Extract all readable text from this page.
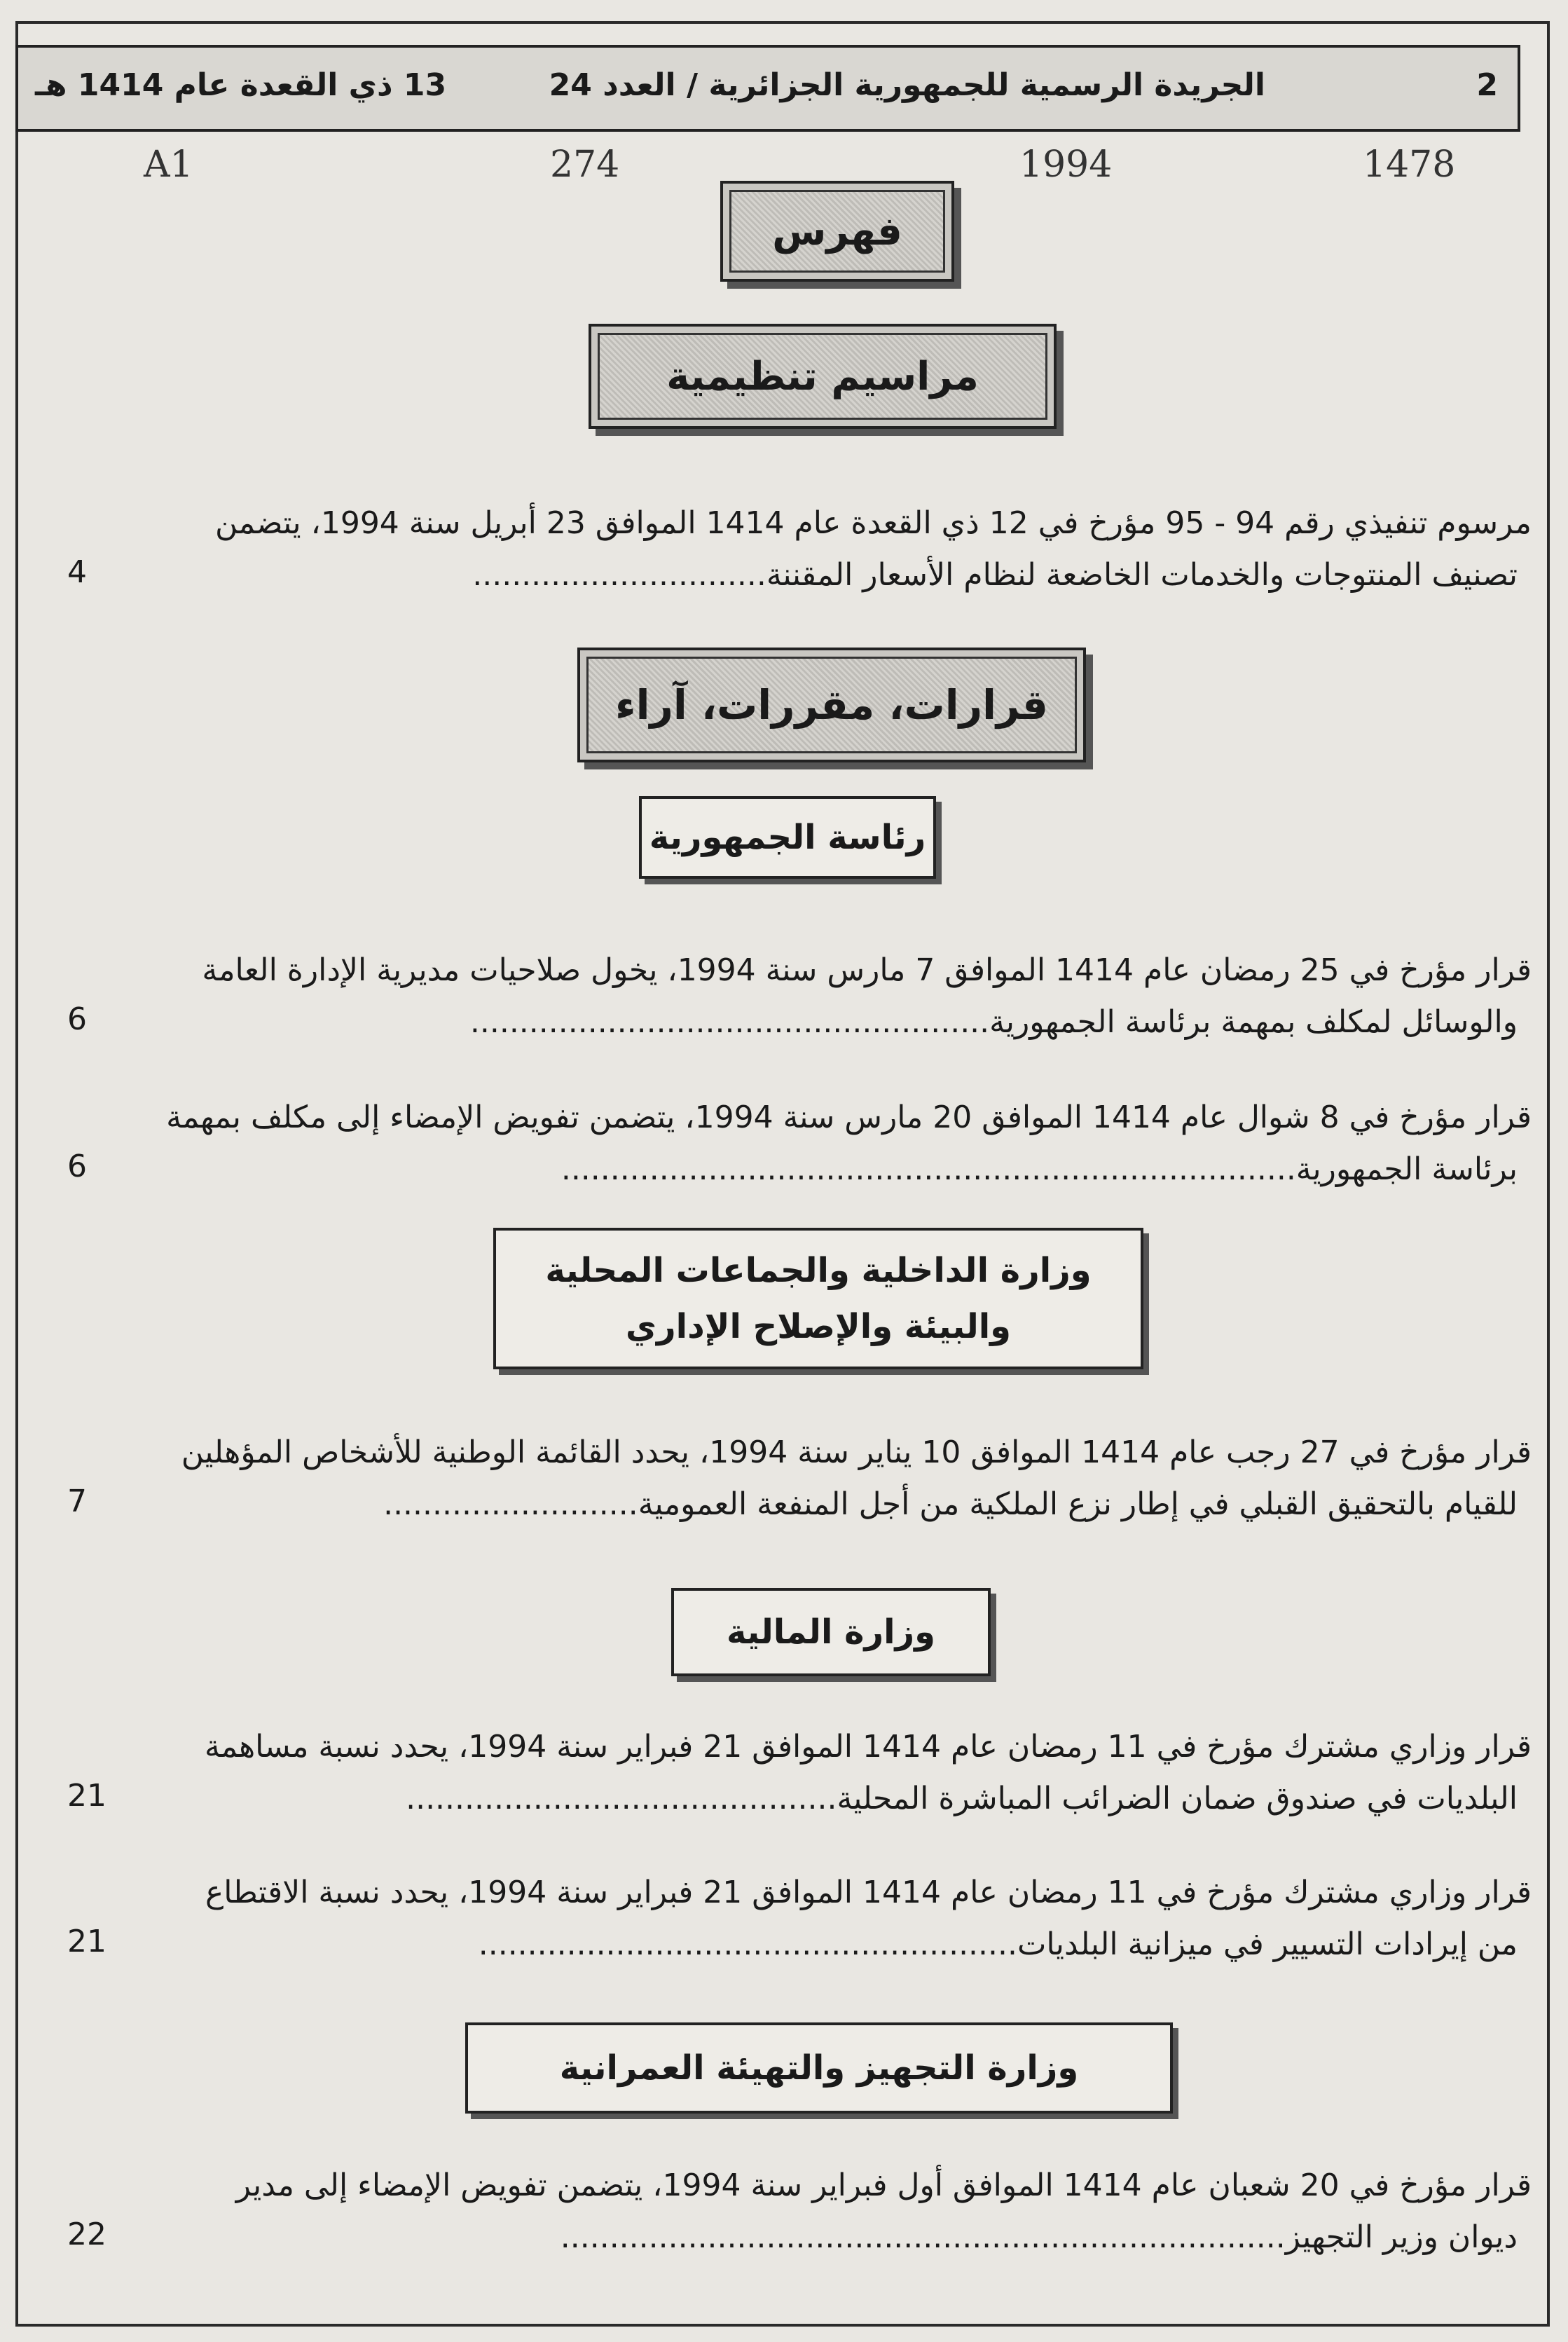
2
الجريدة الرسمية للجمهورية الجزائرية / العدد 24
13 ذي القعدة عام 1414 هـ
A1	274	1994	1478
فهرس
مراسيم تنظيمية
مرسوم تنفيذي رقم 94 - 95 مؤرخ في 12 ذي القعدة عام 1414 الموافق 23 أبريل سنة 1994، يتضمن
تصنيف المنتوجات والخدمات الخاضعة لنظام الأسعار المقننة..............................
4
قرارات، مقررات، آراء
رئاسة الجمهورية
قرار مؤرخ في 25 رمضان عام 1414 الموافق 7 مارس سنة 1994، يخول صلاحيات مديرية الإدارة العامة
والوسائل لمكلف بمهمة برئاسة الجمهورية.....................................................
6
قرار مؤرخ في 8 شوال عام 1414 الموافق 20 مارس سنة 1994، يتضمن تفويض الإمضاء إلى مكلف بمهمة
برئاسة الجمهورية...........................................................................
6
وزارة الداخلية والجماعات المحلية
والبيئة والإصلاح الإداري
قرار مؤرخ في 27 رجب عام 1414 الموافق 10 يناير سنة 1994، يحدد القائمة الوطنية للأشخاص المؤهلين
للقيام بالتحقيق القبلي في إطار نزع الملكية من أجل المنفعة العمومية..........................
7
وزارة المالية
قرار وزاري مشترك مؤرخ في 11 رمضان عام 1414 الموافق 21 فبراير سنة 1994، يحدد نسبة مساهمة
البلديات في صندوق ضمان الضرائب المباشرة المحلية............................................
21
قرار وزاري مشترك مؤرخ في 11 رمضان عام 1414 الموافق 21 فبراير سنة 1994، يحدد نسبة الاقتطاع
من إيرادات التسيير في ميزانية البلديات.......................................................
21
وزارة التجهيز والتهيئة العمرانية
قرار مؤرخ في 20 شعبان عام 1414 الموافق أول فبراير سنة 1994، يتضمن تفويض الإمضاء إلى مدير
ديوان وزير التجهيز..........................................................................
22
